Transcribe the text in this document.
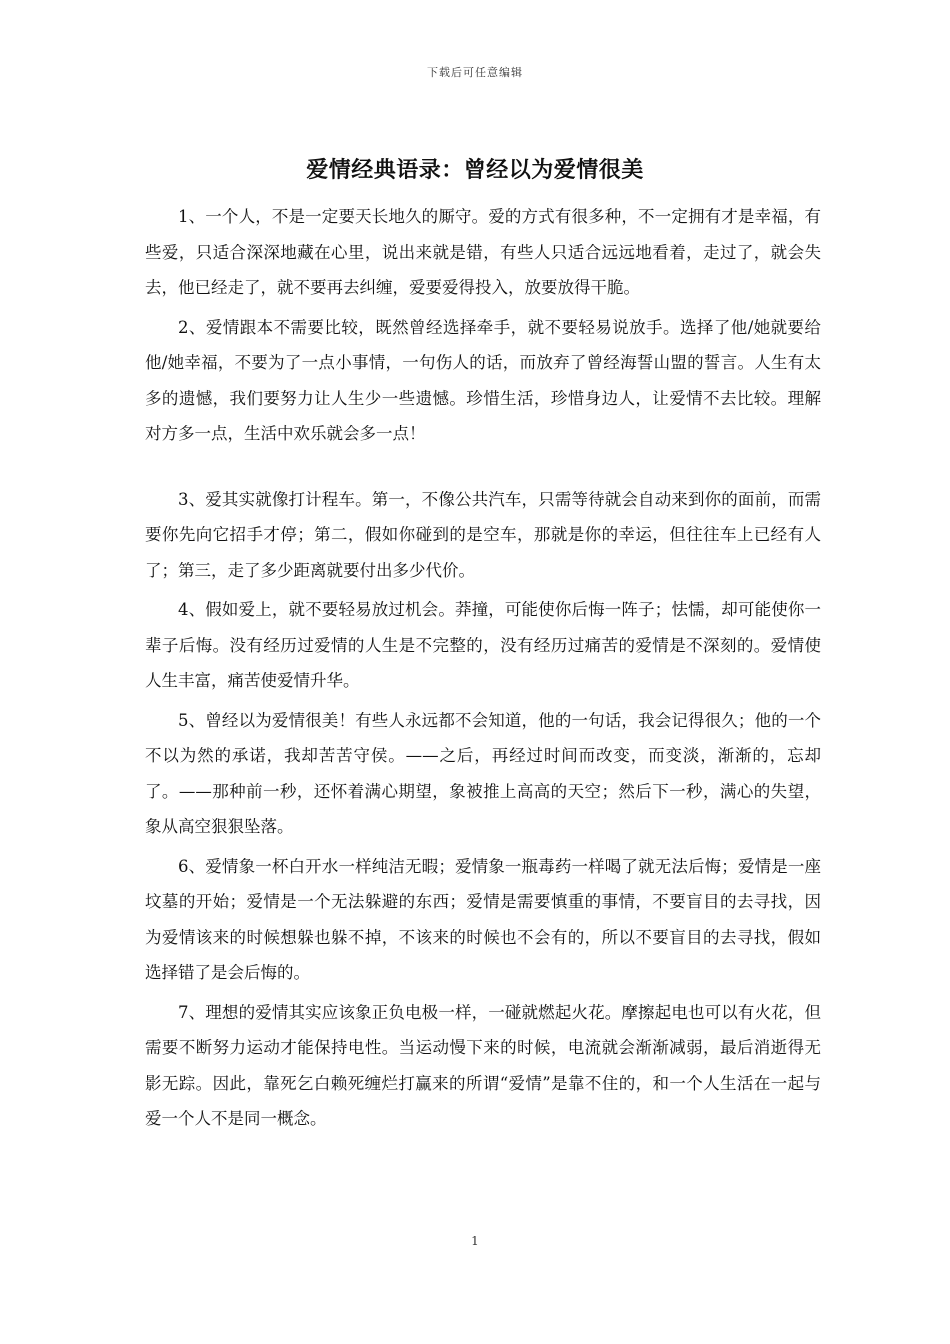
下载后可任意编辑
爱情经典语录：曾经以为爱情很美

1、一个人，不是一定要天长地久的厮守。爱的方式有很多种，不一定拥有才是幸福，有些爱，只适合深深地藏在心里，说出来就是错，有些人只适合远远地看着，走过了，就会失去，他已经走了，就不要再去纠缠，爱要爱得投入，放要放得干脆。

2、爱情跟本不需要比较，既然曾经选择牵手，就不要轻易说放手。选择了他/她就要给他/她幸福，不要为了一点小事情，一句伤人的话，而放弃了曾经海誓山盟的誓言。人生有太多的遗憾，我们要努力让人生少一些遗憾。珍惜生活，珍惜身边人，让爱情不去比较。理解对方多一点，生活中欢乐就会多一点！

3、爱其实就像打计程车。第一，不像公共汽车，只需等待就会自动来到你的面前，而需要你先向它招手才停；第二，假如你碰到的是空车，那就是你的幸运，但往往车上已经有人了；第三，走了多少距离就要付出多少代价。

4、假如爱上，就不要轻易放过机会。莽撞，可能使你后悔一阵子；怯懦，却可能使你一辈子后悔。没有经历过爱情的人生是不完整的，没有经历过痛苦的爱情是不深刻的。爱情使人生丰富，痛苦使爱情升华。

5、曾经以为爱情很美！有些人永远都不会知道，他的一句话，我会记得很久；他的一个不以为然的承诺，我却苦苦守侯。——之后，再经过时间而改变，而变淡，渐渐的，忘却了。——那种前一秒，还怀着满心期望，象被推上高高的天空；然后下一秒，满心的失望，象从高空狠狠坠落。

6、爱情象一杯白开水一样纯洁无暇；爱情象一瓶毒药一样喝了就无法后悔；爱情是一座坟墓的开始；爱情是一个无法躲避的东西；爱情是需要慎重的事情，不要盲目的去寻找，因为爱情该来的时候想躲也躲不掉，不该来的时候也不会有的，所以不要盲目的去寻找，假如选择错了是会后悔的。

7、理想的爱情其实应该象正负电极一样，一碰就燃起火花。摩擦起电也可以有火花，但需要不断努力运动才能保持电性。当运动慢下来的时候，电流就会渐渐减弱，最后消逝得无影无踪。因此，靠死乞白赖死缠烂打赢来的所谓“爱情”是靠不住的，和一个人生活在一起与爱一个人不是同一概念。

1
